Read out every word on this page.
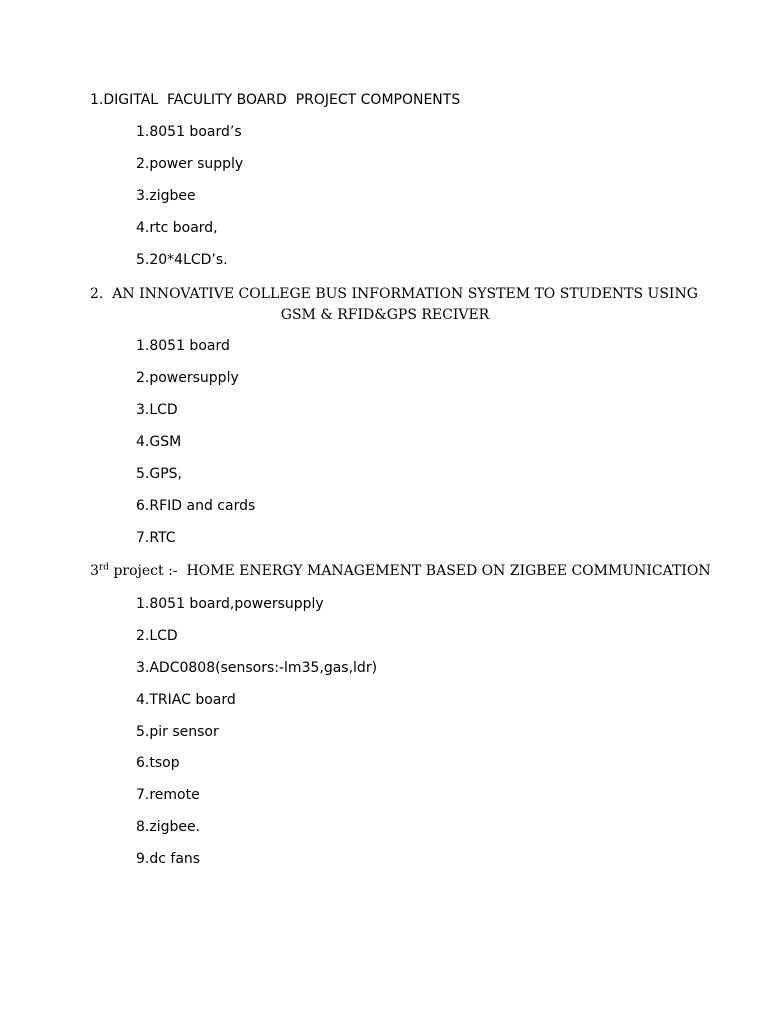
1.DIGITAL  FACULITY BOARD  PROJECT COMPONENTS
1.8051 board’s
2.power supply
3.zigbee
4.rtc board,
5.20*4LCD’s.
2.  AN INNOVATIVE COLLEGE BUS INFORMATION SYSTEM TO STUDENTS USING
GSM & RFID&GPS RECIVER
1.8051 board
2.powersupply
3.LCD
4.GSM
5.GPS,
6.RFID and cards
7.RTC
3rd project :-  HOME ENERGY MANAGEMENT BASED ON ZIGBEE COMMUNICATION
1.8051 board,powersupply
2.LCD
3.ADC0808(sensors:-lm35,gas,ldr)
4.TRIAC board
5.pir sensor
6.tsop
7.remote
8.zigbee.
9.dc fans
